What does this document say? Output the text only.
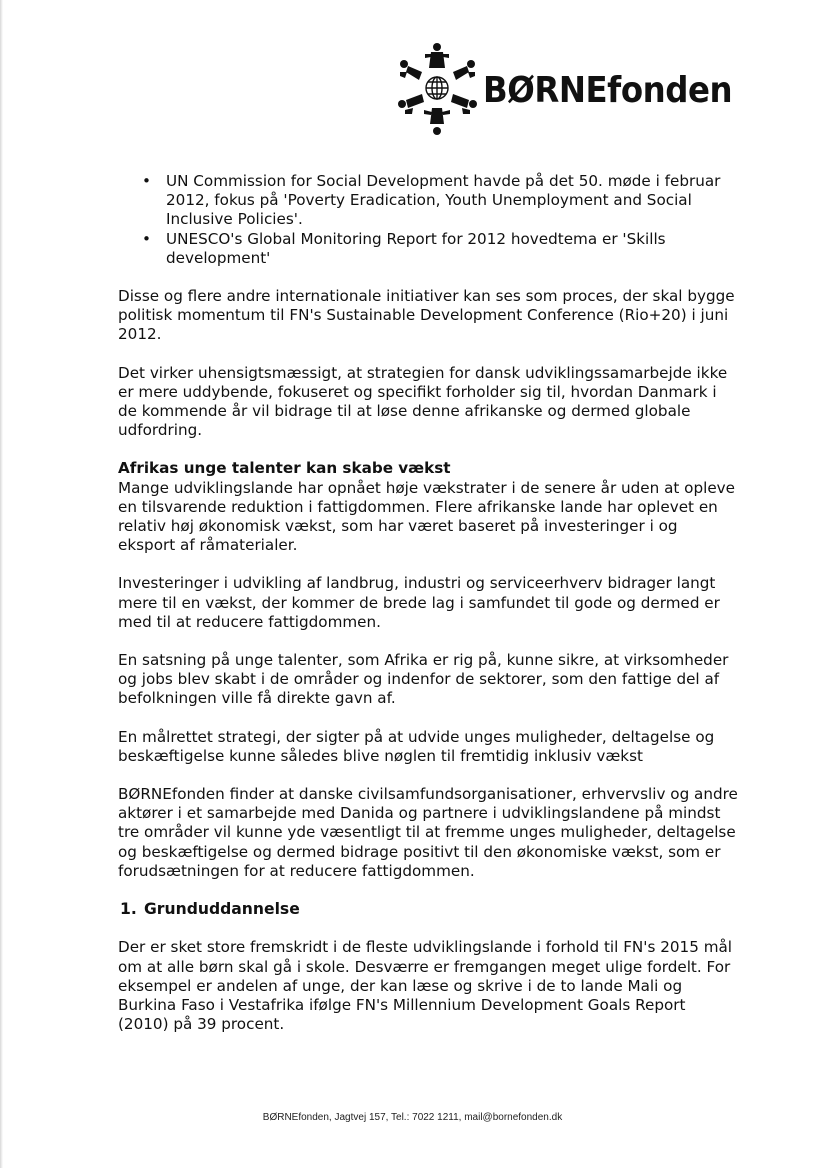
BØRNEfonden
• UN Commission for Social Development havde på det 50. møde i februar 2012, fokus på 'Poverty Eradication, Youth Unemployment and Social Inclusive Policies'.
• UNESCO's Global Monitoring Report for 2012 hovedtema er 'Skills development'

Disse og flere andre internationale initiativer kan ses som proces, der skal bygge politisk momentum til FN's Sustainable Development Conference (Rio+20) i juni 2012.

Det virker uhensigtsmæssigt, at strategien for dansk udviklingssamarbejde ikke er mere uddybende, fokuseret og specifikt forholder sig til, hvordan Danmark i de kommende år vil bidrage til at løse denne afrikanske og dermed globale udfordring.

Afrikas unge talenter kan skabe vækst

Mange udviklingslande har opnået høje vækstrater i de senere år uden at opleve en tilsvarende reduktion i fattigdommen. Flere afrikanske lande har oplevet en relativ høj økonomisk vækst, som har været baseret på investeringer i og eksport af råmaterialer.

Investeringer i udvikling af landbrug, industri og serviceerhverv bidrager langt mere til en vækst, der kommer de brede lag i samfundet til gode og dermed er med til at reducere fattigdommen.

En satsning på unge talenter, som Afrika er rig på, kunne sikre, at virksomheder og jobs blev skabt i de områder og indenfor de sektorer, som den fattige del af befolkningen ville få direkte gavn af.

En målrettet strategi, der sigter på at udvide unges muligheder, deltagelse og beskæftigelse kunne således blive nøglen til fremtidig inklusiv vækst

BØRNEfonden finder at danske civilsamfundsorganisationer, erhvervsliv og andre aktører i et samarbejde med Danida og partnere i udviklingslandene på mindst tre områder vil kunne yde væsentligt til at fremme unges muligheder, deltagelse og beskæftigelse og dermed bidrage positivt til den økonomiske vækst, som er forudsætningen for at reducere fattigdommen.

1. Grunduddannelse

Der er sket store fremskridt i de fleste udviklingslande i forhold til FN's 2015 mål om at alle børn skal gå i skole. Desværre er fremgangen meget ulige fordelt. For eksempel er andelen af unge, der kan læse og skrive i de to lande Mali og Burkina Faso i Vestafrika ifølge FN's Millennium Development Goals Report (2010) på 39 procent.

BØRNEfonden, Jagtvej 157, Tel.: 7022 1211, mail@bornefonden.dk
